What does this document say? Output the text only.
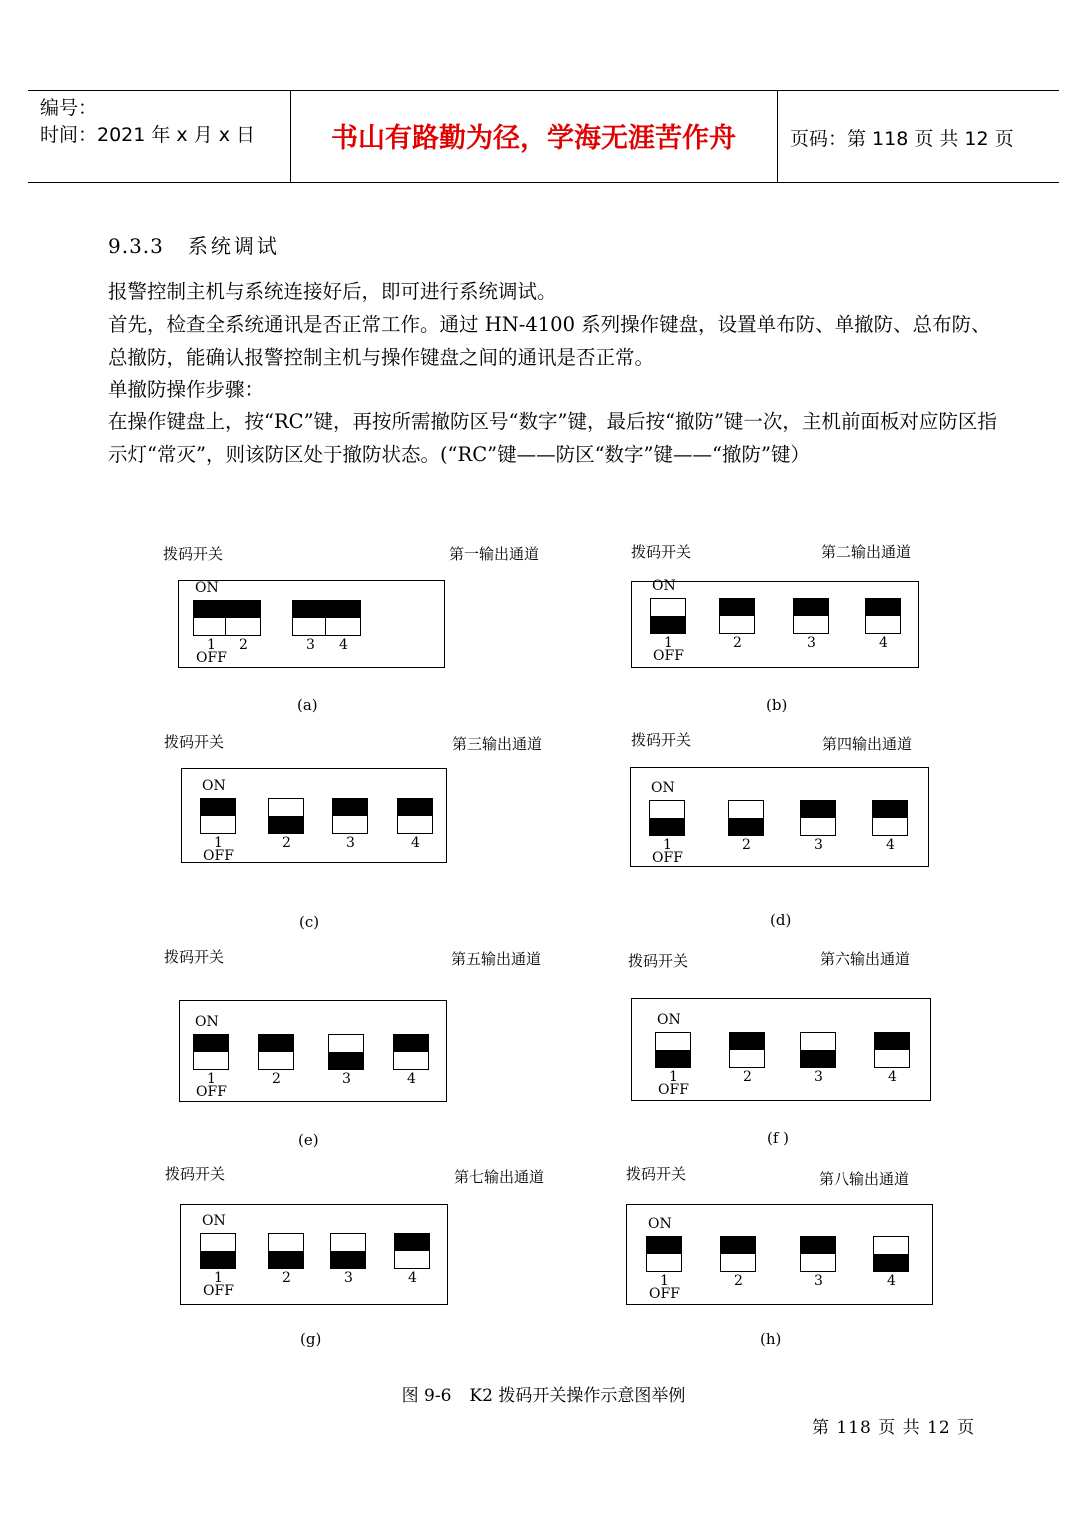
编号：
时间：2021 年 x 月 x 日	书山有路勤为径，学海无涯苦作舟	页码：第 118 页 共 12 页
9.3.3 系统调试
报警控制主机与系统连接好后，即可进行系统调试。
首先，检查全系统通讯是否正常工作。通过 HN-4100 系列操作键盘，设置单布防、单撤防、总布防、总撤防，能确认报警控制主机与操作键盘之间的通讯是否正常。
单撤防操作步骤：
在操作键盘上，按“RC”键，再按所需撤防区号“数字”键，最后按“撤防”键一次，主机前面板对应防区指示灯“常灭”，则该防区处于撤防状态。(“RC”键——防区“数字”键——“撤防”键）
拨码开关	第一输出通道
ON
1 2	3 4
OFF
(a)
拨码开关	第二输出通道
ON
1	2	3	4
OFF
(b)
拨码开关	第三输出通道
ON
1	2	3	4
OFF
(c)
拨码开关	第四输出通道
ON
1	2	3	4
OFF
(d)
拨码开关	第五输出通道
ON
1	2	3	4
OFF
(e)
拨码开关	第六输出通道
ON
1	2	3	4
OFF
(f )
拨码开关	第七输出通道
ON
1	2	3	4
OFF
(g)
拨码开关	第八输出通道
ON
1	2	3	4
OFF
(h)
图 9-6 K2 拨码开关操作示意图举例
第 118 页 共 12 页
